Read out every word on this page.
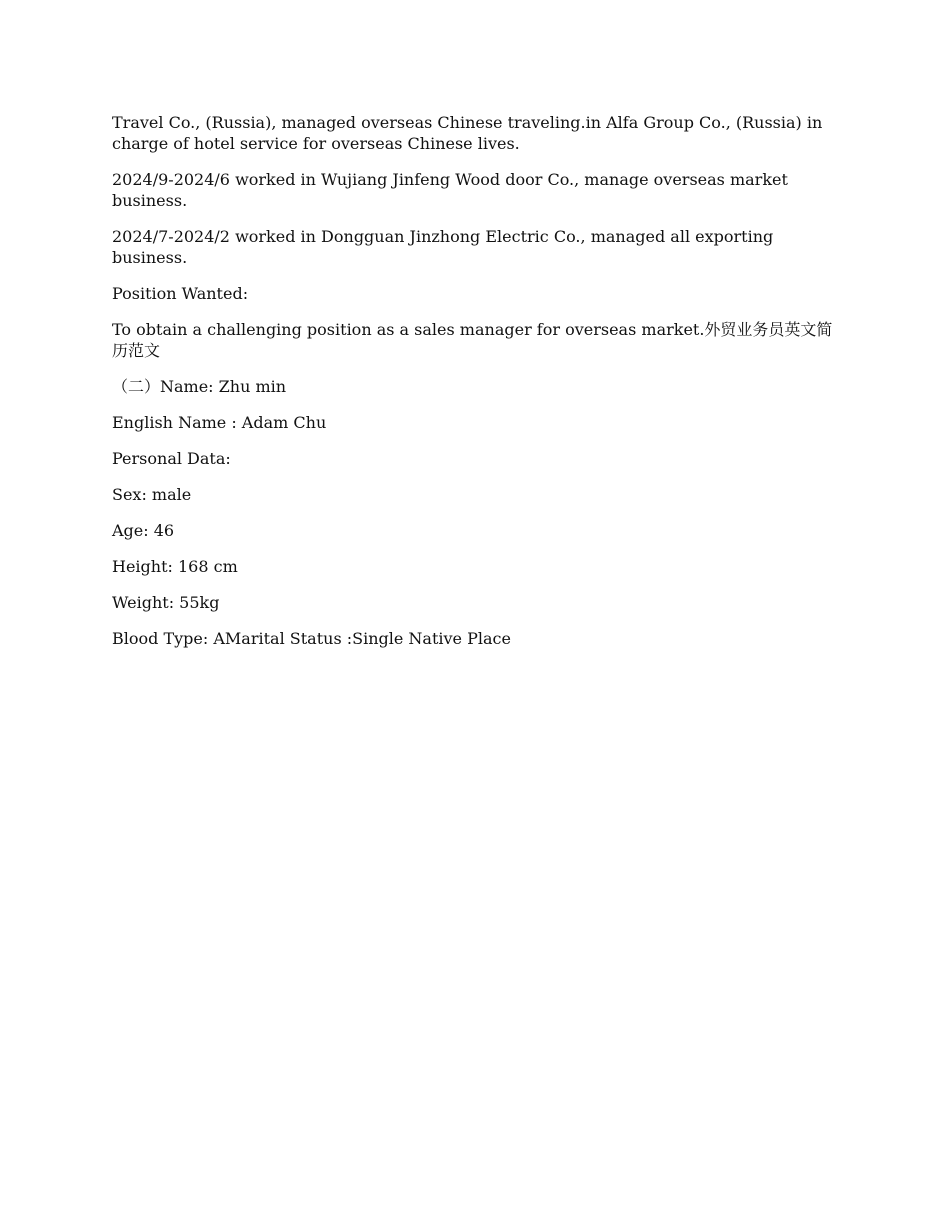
Travel Co., (Russia), managed overseas Chinese traveling.in Alfa Group Co., (Russia) in charge of hotel service for overseas Chinese lives.

2024/9-2024/6 worked in Wujiang Jinfeng Wood door Co., manage overseas market business.

2024/7-2024/2 worked in Dongguan Jinzhong Electric Co., managed all exporting business.

Position Wanted:

To obtain a challenging position as a sales manager for overseas market.外贸业务员英文简历范文

（二）Name: Zhu min

English Name : Adam Chu

Personal Data:

Sex: male

Age: 46

Height: 168 cm

Weight: 55kg

Blood Type: AMarital Status :Single Native Place
